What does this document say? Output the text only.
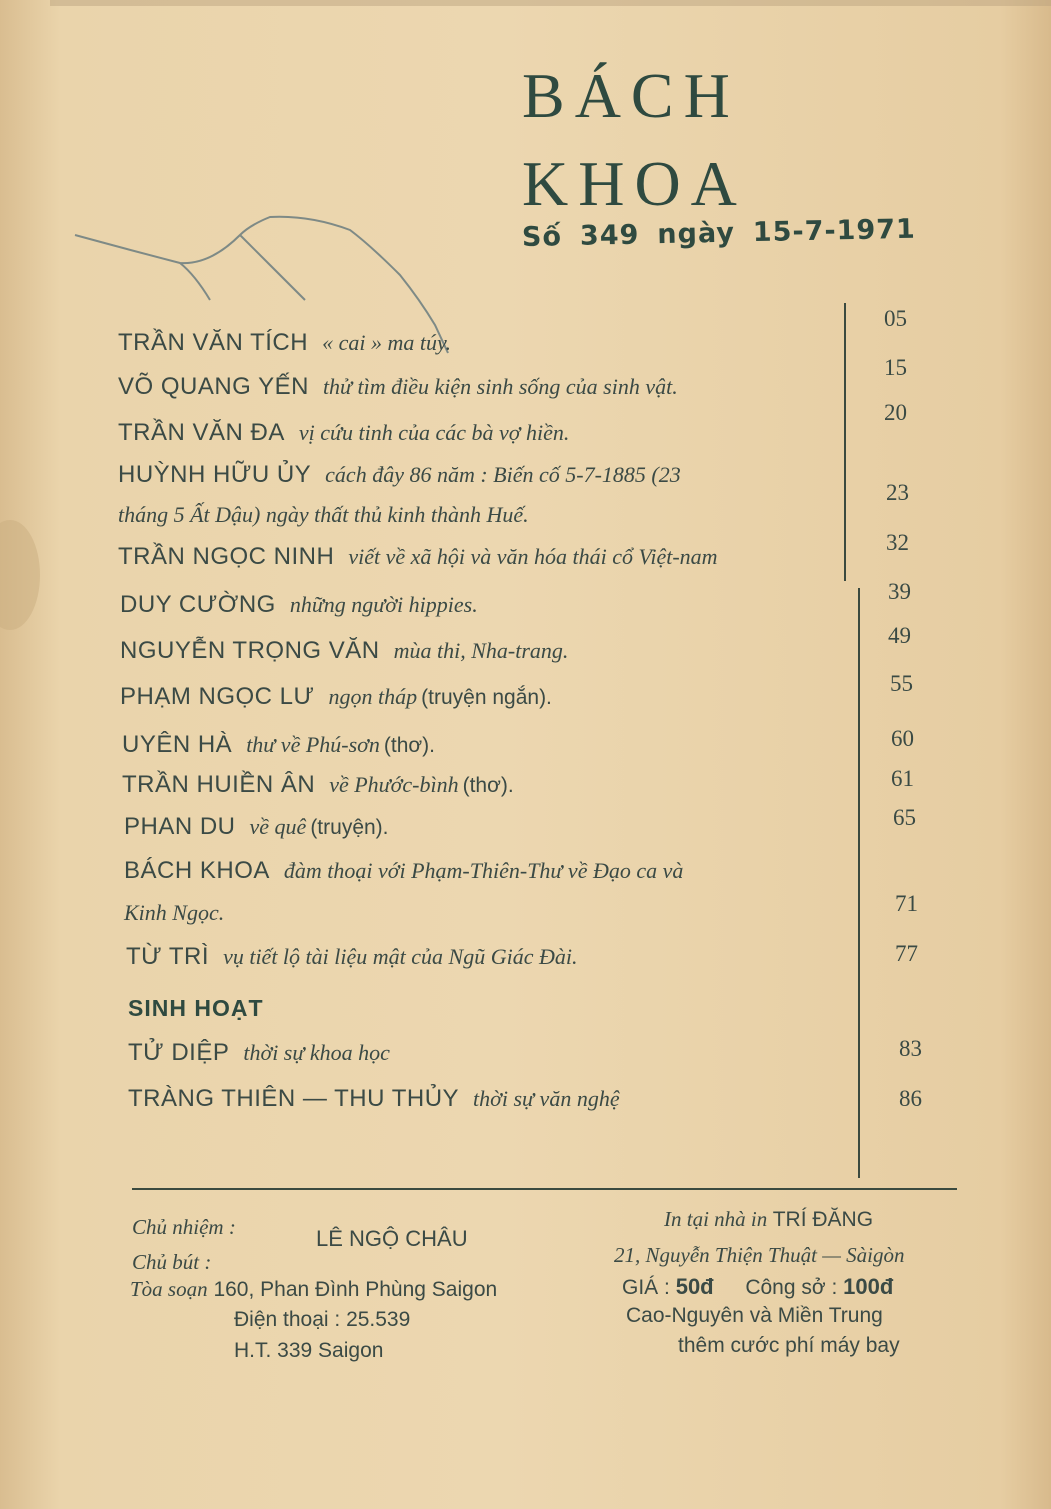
BÁCH
KHOA
Số 349 ngày 15-7-1971
TRẦN VĂN TÍCH « cai » ma túy.
VÕ QUANG YẾN thử tìm điều kiện sinh sống của sinh vật.
TRẦN VĂN ĐA vị cứu tinh của các bà vợ hiền.
HUỲNH HỮU ỦY cách đây 86 năm : Biến cố 5-7-1885 (23
tháng 5 Ất Dậu) ngày thất thủ kinh thành Huế.
TRẦN NGỌC NINH viết về xã hội và văn hóa thái cổ Việt-nam
DUY CƯỜNG những người hippies.
NGUYỄN TRỌNG VĂN mùa thi, Nha-trang.
PHẠM NGỌC LƯ ngọn tháp (truyện ngắn).
UYÊN HÀ thư về Phú-sơn (thơ).
TRẦN HUIỀN ÂN về Phước-bình (thơ).
PHAN DU về quê (truyện).
BÁCH KHOA đàm thoại với Phạm-Thiên-Thư về Đạo ca và
Kinh Ngọc.
TỪ TRÌ vụ tiết lộ tài liệu mật của Ngũ Giác Đài.
SINH HOẠT
TỬ DIỆP thời sự khoa học
TRÀNG THIÊN — THU THỦY thời sự văn nghệ
05
15
20
23
32
39
49
55
60
61
65
71
77
83
86
Chủ nhiệm :
Chủ bút :
LÊ NGỘ CHÂU
Tòa soạn 160, Phan Đình Phùng Saigon
Điện thoại : 25.539
H.T. 339 Saigon
In tại nhà in TRÍ ĐĂNG
21, Nguyễn Thiện Thuật — Sàigòn
GIÁ : 50đ Công sở : 100đ
Cao-Nguyên và Miền Trung
thêm cước phí máy bay
